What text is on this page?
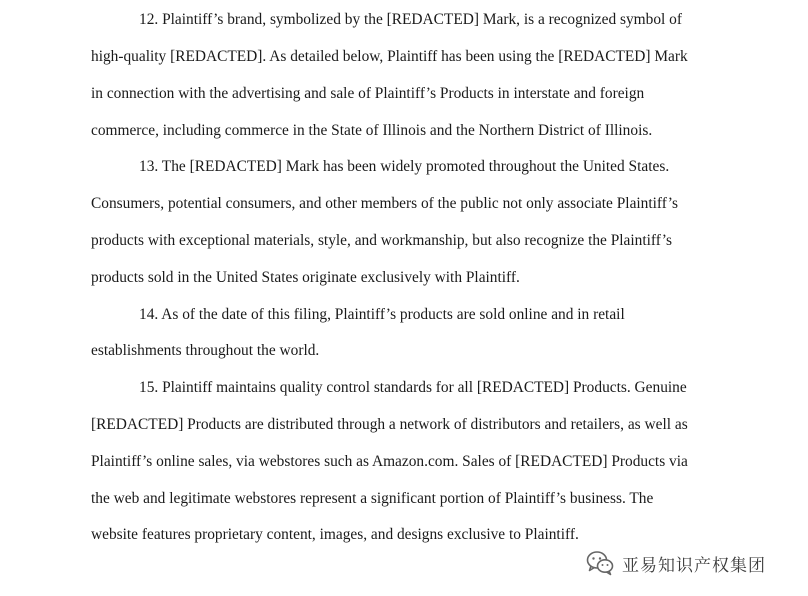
12. Plaintiff’s brand, symbolized by the [REDACTED] Mark, is a recognized symbol of
high-quality [REDACTED]. As detailed below, Plaintiff has been using the [REDACTED] Mark
in connection with the advertising and sale of Plaintiff’s Products in interstate and foreign
commerce, including commerce in the State of Illinois and the Northern District of Illinois.
13. The [REDACTED] Mark has been widely promoted throughout the United States.
Consumers, potential consumers, and other members of the public not only associate Plaintiff’s
products with exceptional materials, style, and workmanship, but also recognize the Plaintiff’s
products sold in the United States originate exclusively with Plaintiff.
14. As of the date of this filing, Plaintiff’s products are sold online and in retail
establishments throughout the world.
15. Plaintiff maintains quality control standards for all [REDACTED] Products. Genuine
[REDACTED] Products are distributed through a network of distributors and retailers, as well as
Plaintiff’s online sales, via webstores such as Amazon.com. Sales of [REDACTED] Products via
the web and legitimate webstores represent a significant portion of Plaintiff’s business. The
website features proprietary content, images, and designs exclusive to Plaintiff.
亚易知识产权集团
